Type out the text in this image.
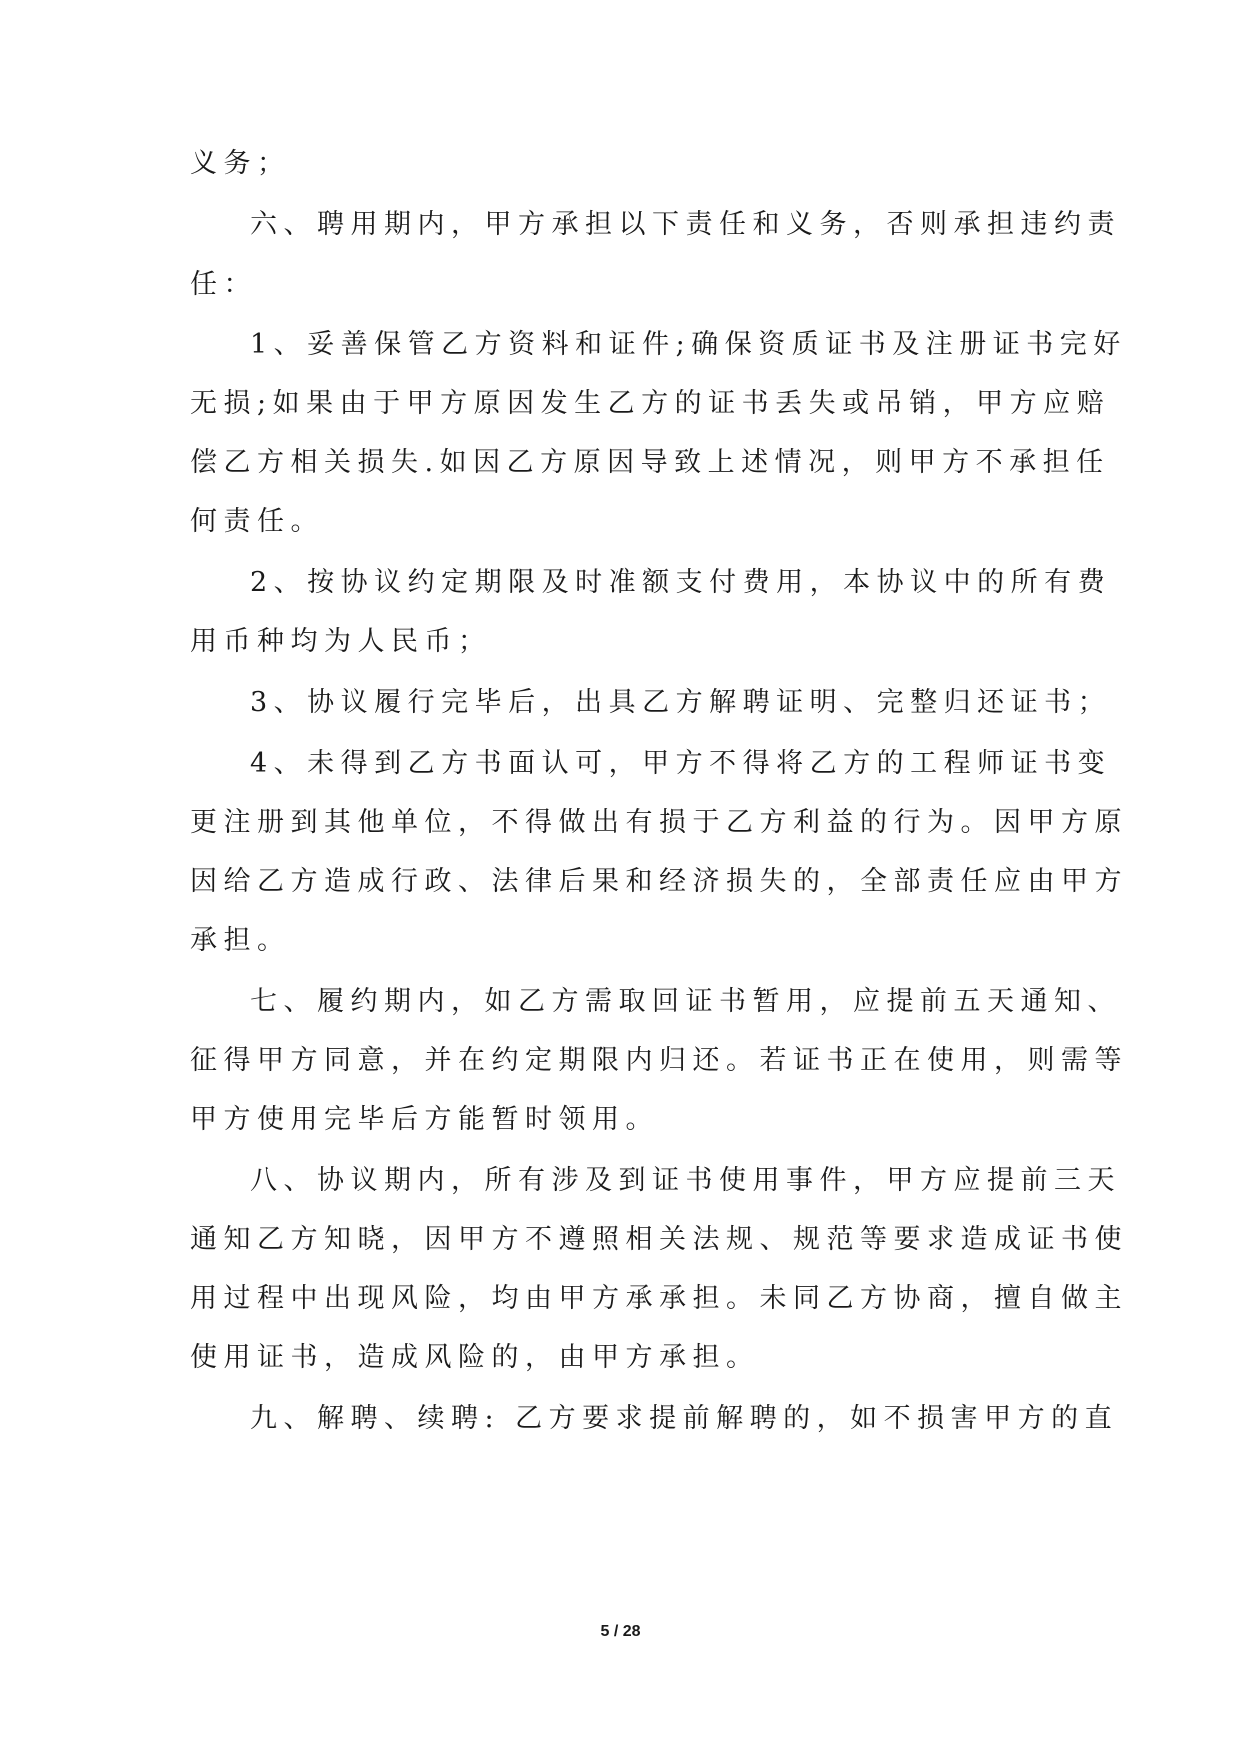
义务；
六、聘用期内，甲方承担以下责任和义务，否则承担违约责
任：
1、妥善保管乙方资料和证件;确保资质证书及注册证书完好
无损;如果由于甲方原因发生乙方的证书丢失或吊销，甲方应赔
偿乙方相关损失.如因乙方原因导致上述情况，则甲方不承担任
何责任。
2、按协议约定期限及时准额支付费用，本协议中的所有费
用币种均为人民币；
3、协议履行完毕后，出具乙方解聘证明、完整归还证书；
4、未得到乙方书面认可，甲方不得将乙方的工程师证书变
更注册到其他单位，不得做出有损于乙方利益的行为。因甲方原
因给乙方造成行政、法律后果和经济损失的，全部责任应由甲方
承担。
七、履约期内，如乙方需取回证书暂用，应提前五天通知、
征得甲方同意，并在约定期限内归还。若证书正在使用，则需等
甲方使用完毕后方能暂时领用。
八、协议期内，所有涉及到证书使用事件，甲方应提前三天
通知乙方知晓，因甲方不遵照相关法规、规范等要求造成证书使
用过程中出现风险，均由甲方承承担。未同乙方协商，擅自做主
使用证书，造成风险的，由甲方承担。
九、解聘、续聘: 乙方要求提前解聘的，如不损害甲方的直
5 / 28
